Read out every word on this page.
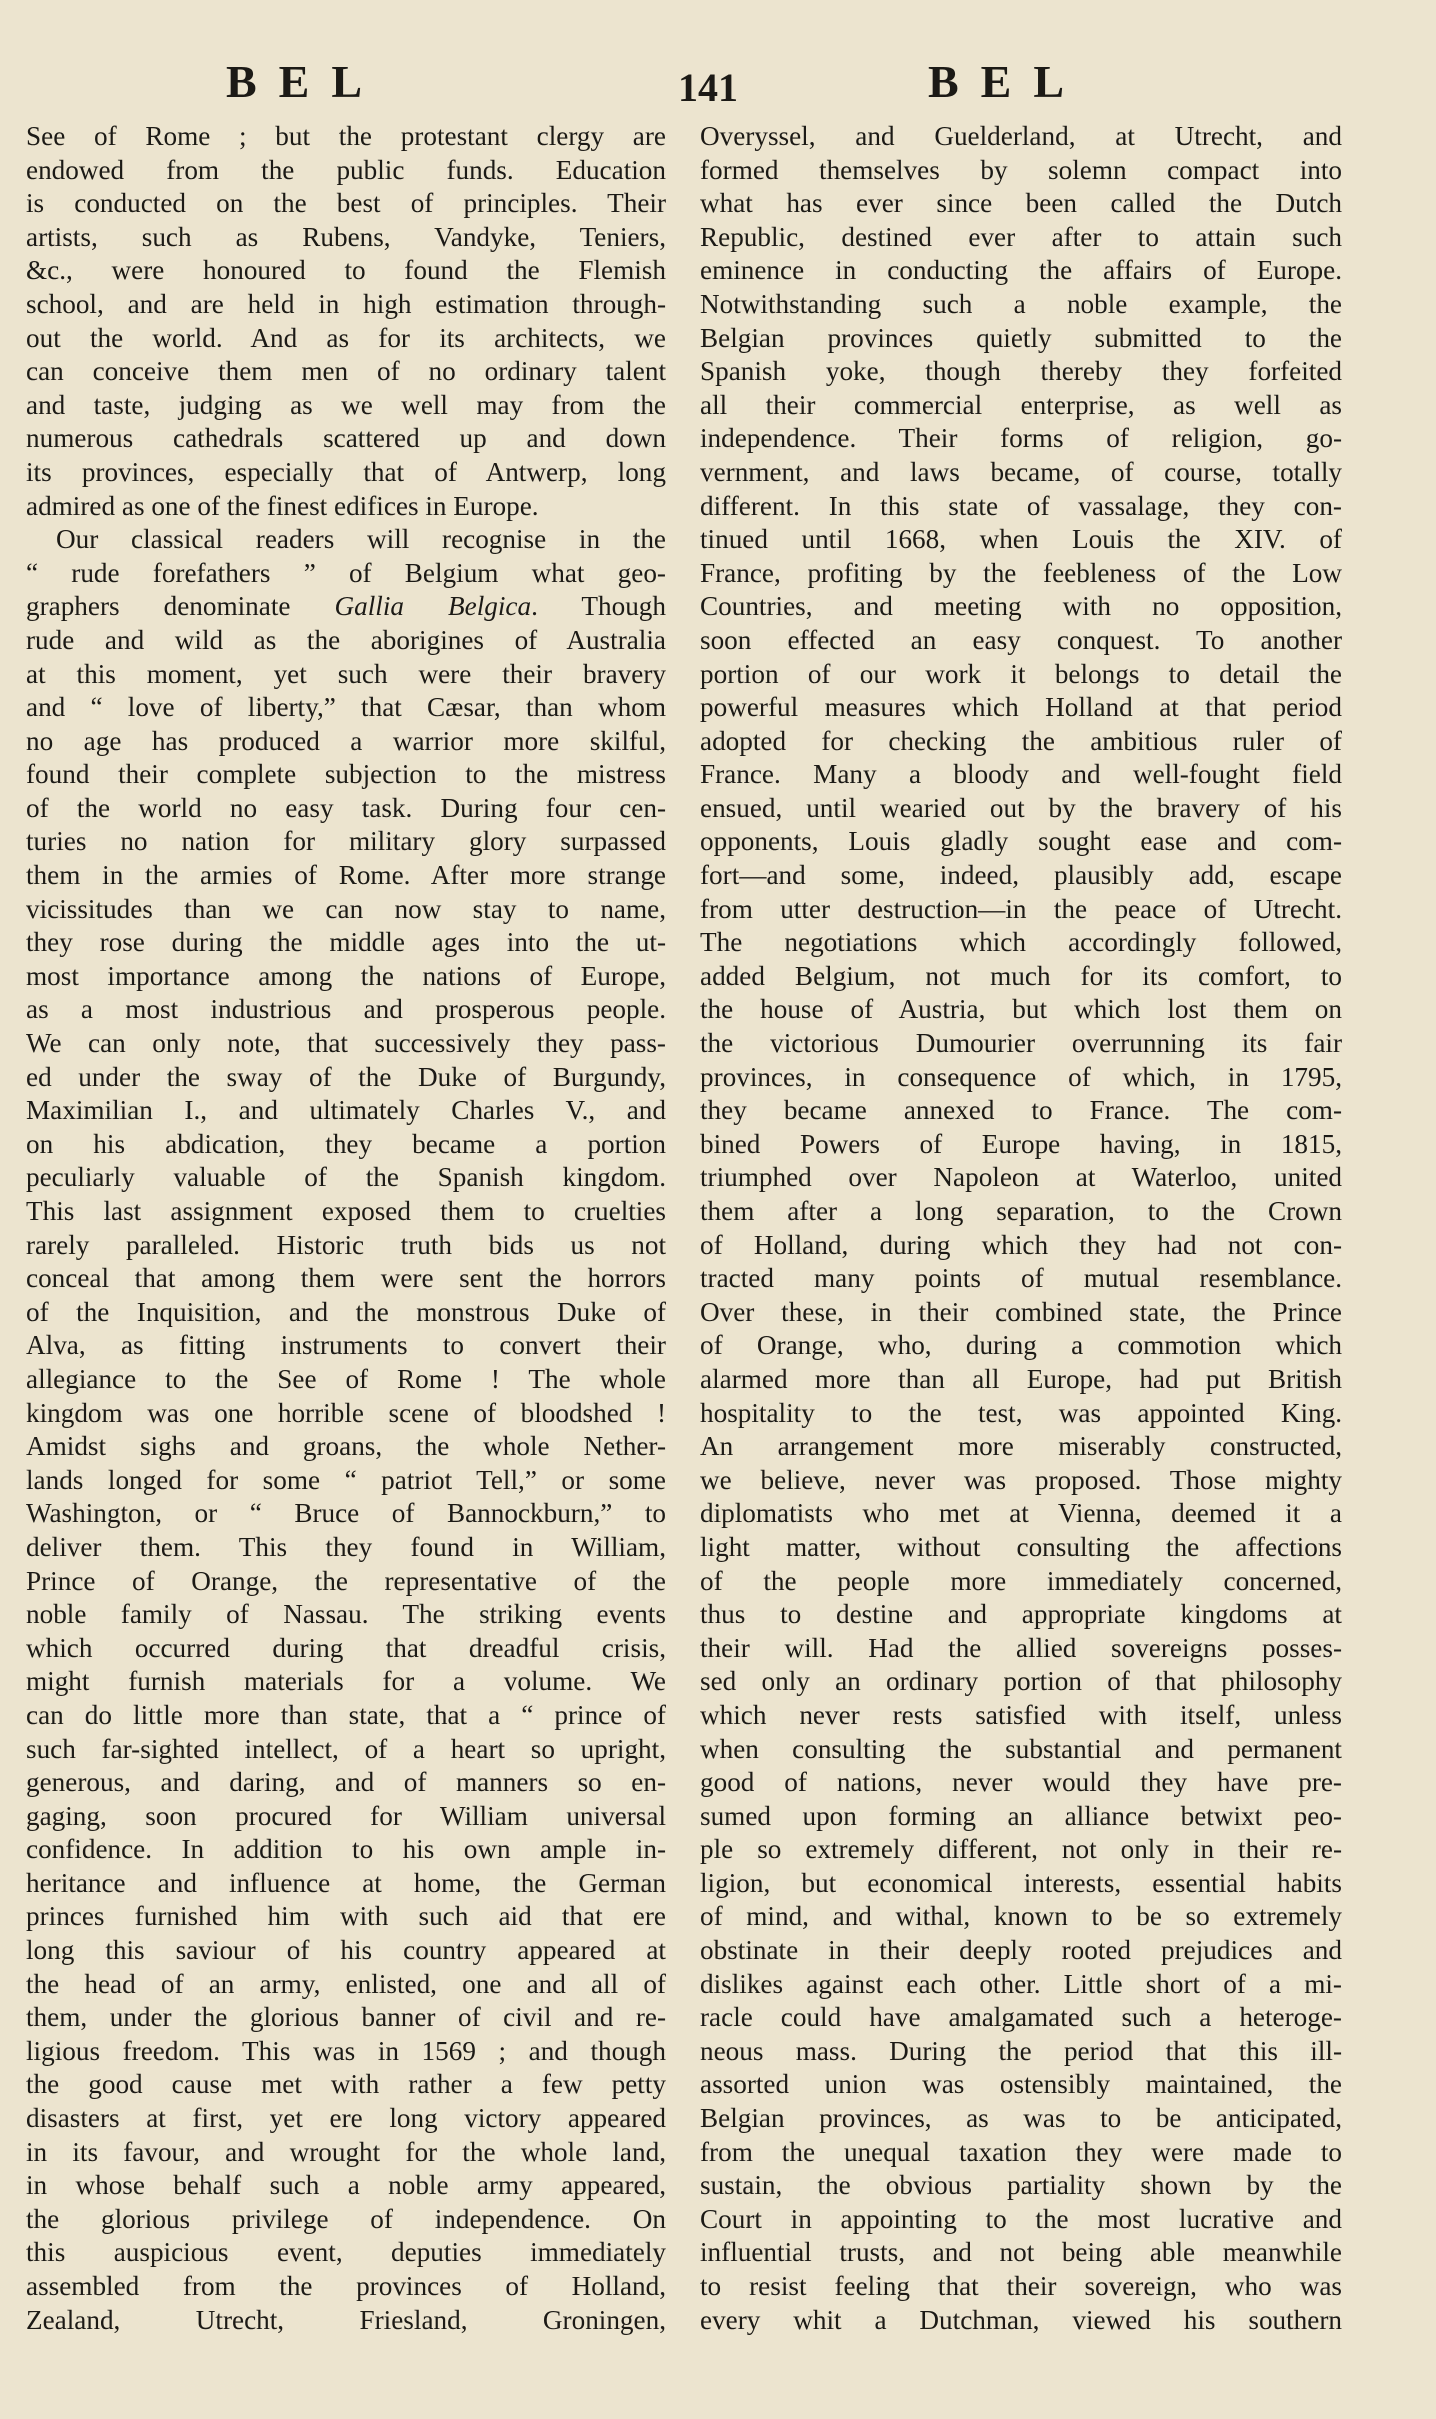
BEL	141	BEL

See of Rome ; but the protestant clergy are

endowed from the public funds. Education

is conducted on the best of principles. Their

artists, such as Rubens, Vandyke, Teniers,

&c., were honoured to found the Flemish

school, and are held in high estimation through-

out the world. And as for its architects, we

can conceive them men of no ordinary talent

and taste, judging as we well may from the

numerous cathedrals scattered up and down

its provinces, especially that of Antwerp, long

admired as one of the finest edifices in Europe.

Our classical readers will recognise in the

“ rude forefathers ” of Belgium what geo-

graphers denominate Gallia Belgica. Though

rude and wild as the aborigines of Australia

at this moment, yet such were their bravery

and “ love of liberty,” that Cæsar, than whom

no age has produced a warrior more skilful,

found their complete subjection to the mistress

of the world no easy task. During four cen-

turies no nation for military glory surpassed

them in the armies of Rome. After more strange

vicissitudes than we can now stay to name,

they rose during the middle ages into the ut-

most importance among the nations of Europe,

as a most industrious and prosperous people.

We can only note, that successively they pass-

ed under the sway of the Duke of Burgundy,

Maximilian I., and ultimately Charles V., and

on his abdication, they became a portion

peculiarly valuable of the Spanish kingdom.

This last assignment exposed them to cruelties

rarely paralleled. Historic truth bids us not

conceal that among them were sent the horrors

of the Inquisition, and the monstrous Duke of

Alva, as fitting instruments to convert their

allegiance to the See of Rome ! The whole

kingdom was one horrible scene of bloodshed !

Amidst sighs and groans, the whole Nether-

lands longed for some “ patriot Tell,” or some

Washington, or “ Bruce of Bannockburn,” to

deliver them. This they found in William,

Prince of Orange, the representative of the

noble family of Nassau. The striking events

which occurred during that dreadful crisis,

might furnish materials for a volume. We

can do little more than state, that a “ prince of

such far-sighted intellect, of a heart so upright,

generous, and daring, and of manners so en-

gaging, soon procured for William universal

confidence. In addition to his own ample in-

heritance and influence at home, the German

princes furnished him with such aid that ere

long this saviour of his country appeared at

the head of an army, enlisted, one and all of

them, under the glorious banner of civil and re-

ligious freedom. This was in 1569 ; and though

the good cause met with rather a few petty

disasters at first, yet ere long victory appeared

in its favour, and wrought for the whole land,

in whose behalf such a noble army appeared,

the glorious privilege of independence. On

this auspicious event, deputies immediately

assembled from the provinces of Holland,

Zealand, Utrecht, Friesland, Groningen,

Overyssel, and Guelderland, at Utrecht, and

formed themselves by solemn compact into

what has ever since been called the Dutch

Republic, destined ever after to attain such

eminence in conducting the affairs of Europe.

Notwithstanding such a noble example, the

Belgian provinces quietly submitted to the

Spanish yoke, though thereby they forfeited

all their commercial enterprise, as well as

independence. Their forms of religion, go-

vernment, and laws became, of course, totally

different. In this state of vassalage, they con-

tinued until 1668, when Louis the XIV. of

France, profiting by the feebleness of the Low

Countries, and meeting with no opposition,

soon effected an easy conquest. To another

portion of our work it belongs to detail the

powerful measures which Holland at that period

adopted for checking the ambitious ruler of

France. Many a bloody and well-fought field

ensued, until wearied out by the bravery of his

opponents, Louis gladly sought ease and com-

fort—and some, indeed, plausibly add, escape

from utter destruction—in the peace of Utrecht.

The negotiations which accordingly followed,

added Belgium, not much for its comfort, to

the house of Austria, but which lost them on

the victorious Dumourier overrunning its fair

provinces, in consequence of which, in 1795,

they became annexed to France. The com-

bined Powers of Europe having, in 1815,

triumphed over Napoleon at Waterloo, united

them after a long separation, to the Crown

of Holland, during which they had not con-

tracted many points of mutual resemblance.

Over these, in their combined state, the Prince

of Orange, who, during a commotion which

alarmed more than all Europe, had put British

hospitality to the test, was appointed King.

An arrangement more miserably constructed,

we believe, never was proposed. Those mighty

diplomatists who met at Vienna, deemed it a

light matter, without consulting the affections

of the people more immediately concerned,

thus to destine and appropriate kingdoms at

their will. Had the allied sovereigns posses-

sed only an ordinary portion of that philosophy

which never rests satisfied with itself, unless

when consulting the substantial and permanent

good of nations, never would they have pre-

sumed upon forming an alliance betwixt peo-

ple so extremely different, not only in their re-

ligion, but economical interests, essential habits

of mind, and withal, known to be so extremely

obstinate in their deeply rooted prejudices and

dislikes against each other. Little short of a mi-

racle could have amalgamated such a heteroge-

neous mass. During the period that this ill-

assorted union was ostensibly maintained, the

Belgian provinces, as was to be anticipated,

from the unequal taxation they were made to

sustain, the obvious partiality shown by the

Court in appointing to the most lucrative and

influential trusts, and not being able meanwhile

to resist feeling that their sovereign, who was

every whit a Dutchman, viewed his southern
